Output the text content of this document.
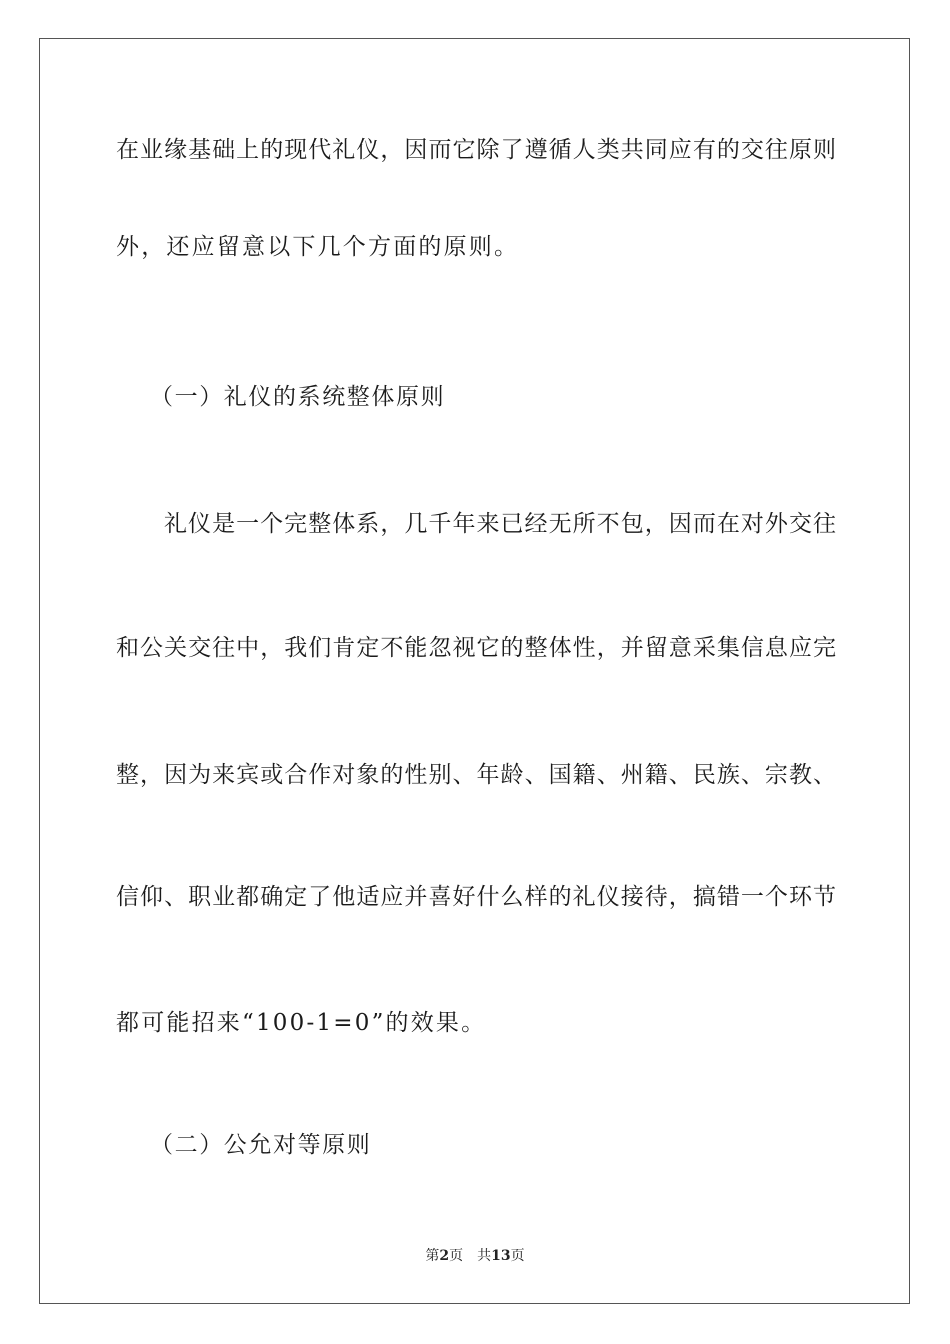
在业缘基础上的现代礼仪，因而它除了遵循人类共同应有的交往原则
外，还应留意以下几个方面的原则。
（一）礼仪的系统整体原则
礼仪是一个完整体系，几千年来已经无所不包，因而在对外交往
和公关交往中，我们肯定不能忽视它的整体性，并留意采集信息应完
整，因为来宾或合作对象的性别、年龄、国籍、州籍、民族、宗教、
信仰、职业都确定了他适应并喜好什么样的礼仪接待，搞错一个环节
都可能招来“100-1=0”的效果。
（二）公允对等原则
第2页 共13页
